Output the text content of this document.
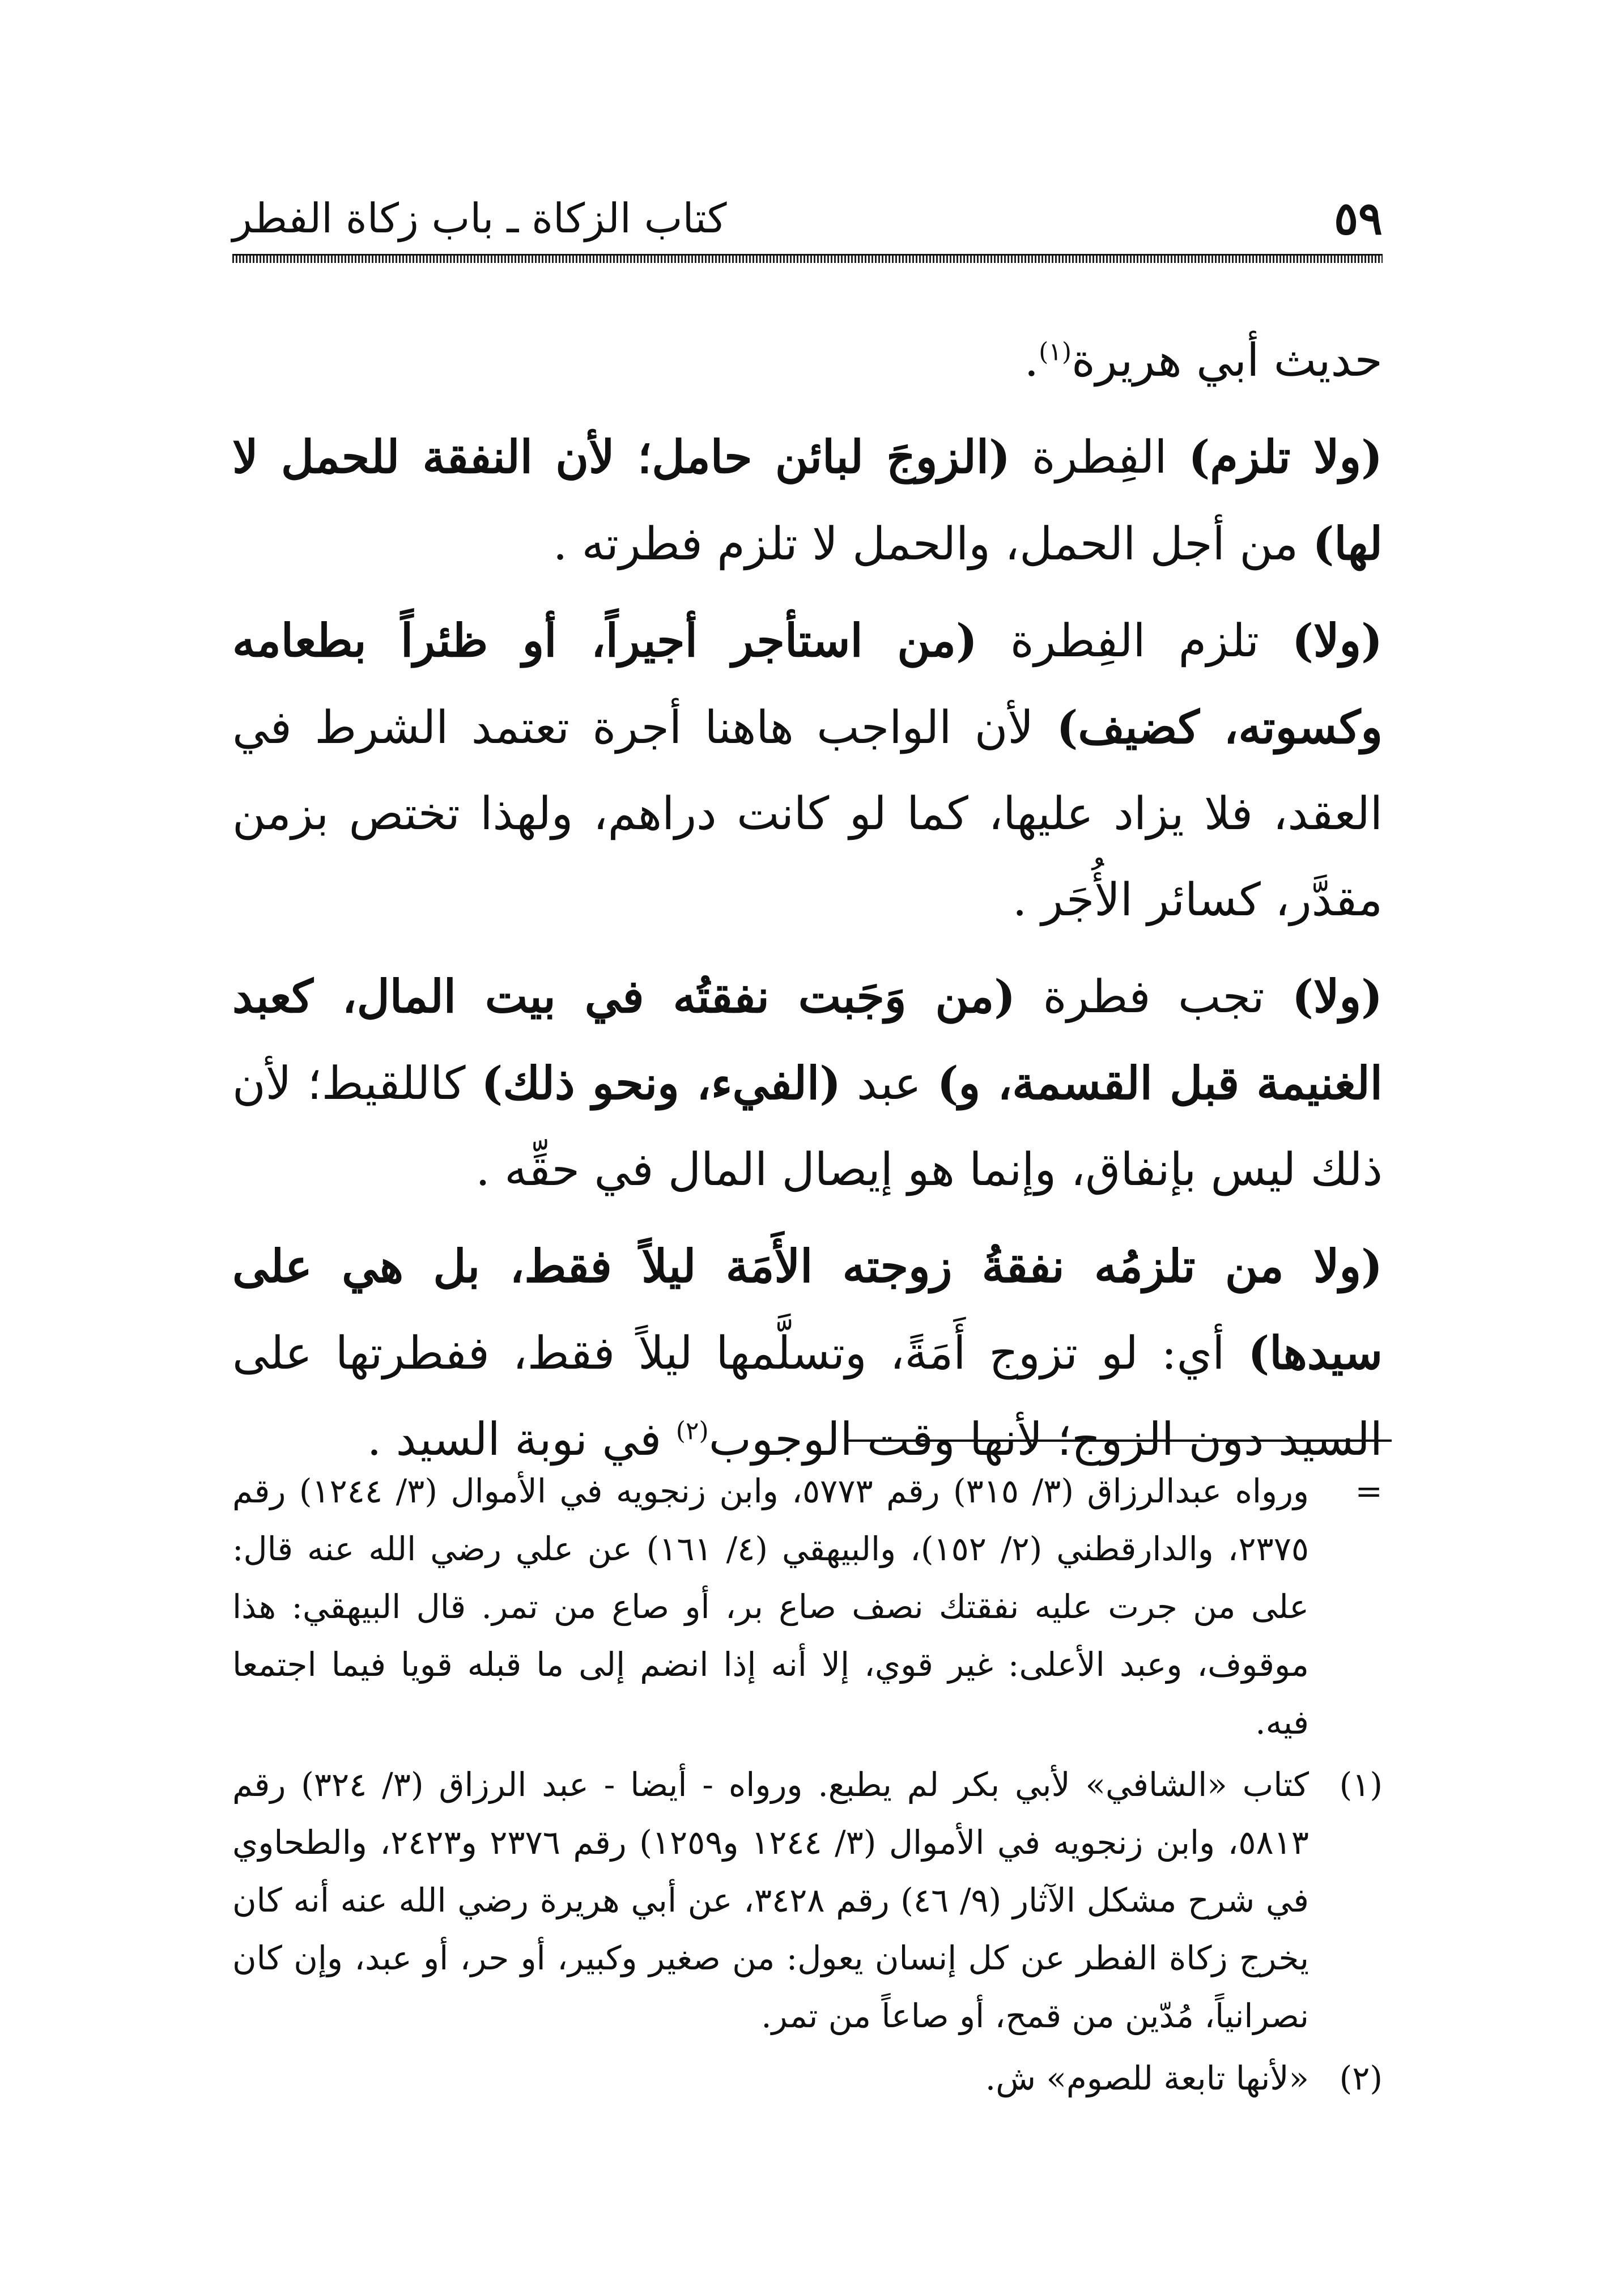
كتاب الزكاة ـ باب زكاة الفطر	٥٩

حديث أبي هريرة$^{(١)}$.

(ولا تلزم) الفِطرة (الزوجَ لبائن حامل؛ لأن النفقة للحمل لا لها) من أجل الحمل، والحمل لا تلزم فطرته .

(ولا) تلزم الفِطرة (من استأجر أجيراً، أو ظئراً بطعامه وكسوته، كضيف) لأن الواجب هاهنا أجرة تعتمد الشرط في العقد، فلا يزاد عليها، كما لو كانت دراهم، ولهذا تختص بزمن مقدَّر، كسائر الأُجَر .

(ولا) تجب فطرة (من وَجَبت نفقتُه في بيت المال، كعبد الغنيمة قبل القسمة، و) عبد (الفيء، ونحو ذلك) كاللقيط؛ لأن ذلك ليس بإنفاق، وإنما هو إيصال المال في حقِّه .

(ولا من تلزمُه نفقةُ زوجته الأَمَة ليلاً فقط، بل هي على سيدها) أي: لو تزوج أَمَةً، وتسلَّمها ليلاً فقط، ففطرتها على السيد دون الزوج؛ لأنها وقت الوجوب$^{(٢)}$ في نوبة السيد .

=
ورواه عبدالرزاق (٣/ ٣١٥) رقم ٥٧٧٣، وابن زنجويه في الأموال (٣/ ١٢٤٤) رقم ٢٣٧٥، والدارقطني (٢/ ١٥٢)، والبيهقي (٤/ ١٦١) عن علي رضي الله عنه قال: على من جرت عليه نفقتك نصف صاع بر، أو صاع من تمر. قال البيهقي: هذا موقوف، وعبد الأعلى: غير قوي، إلا أنه إذا انضم إلى ما قبله قويا فيما اجتمعا فيه.
(١)
كتاب «الشافي» لأبي بكر لم يطبع. ورواه - أيضا - عبد الرزاق (٣/ ٣٢٤) رقم ٥٨١٣، وابن زنجويه في الأموال (٣/ ١٢٤٤ و١٢٥٩) رقم ٢٣٧٦ و٢٤٢٣، والطحاوي في شرح مشكل الآثار (٩/ ٤٦) رقم ٣٤٢٨، عن أبي هريرة رضي الله عنه أنه كان يخرج زكاة الفطر عن كل إنسان يعول: من صغير وكبير، أو حر، أو عبد، وإن كان نصرانياً، مُدّين من قمح، أو صاعاً من تمر.
(٢)
«لأنها تابعة للصوم» ش.
